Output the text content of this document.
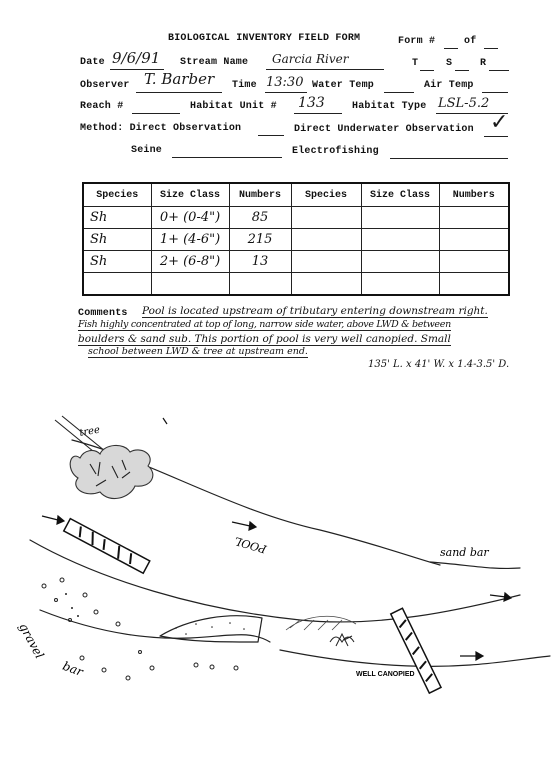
BIOLOGICAL INVENTORY FIELD FORM	Form #	of
Date 9/6/91 Stream Name Garcia River	T	S	R
Observer T. Barber Time 13:30 Water Temp	Air Temp
Reach #	Habitat Unit # 133	Habitat Type LSL-5.2
Method: Direct Observation	Direct Underwater Observation ✓
Seine	Electrofishing
Species	Size Class	Numbers	Species	Size Class	Numbers
Sh	0+ (0-4")	85			
Sh	1+ (4-6")	215			
Sh	2+ (6-8")	13			

Comments Pool is located upstream of tributary entering downstream right.
Fish highly concentrated at top of long, narrow side water, above LWD & between
boulders & sand sub. This portion of pool is very well canopied. Small
school between LWD & tree at upstream end.
135' L. x 41' W. x 1.4-3.5' D.
tree
POOL	sand bar
gravel
bar	WELL CANOPIED
